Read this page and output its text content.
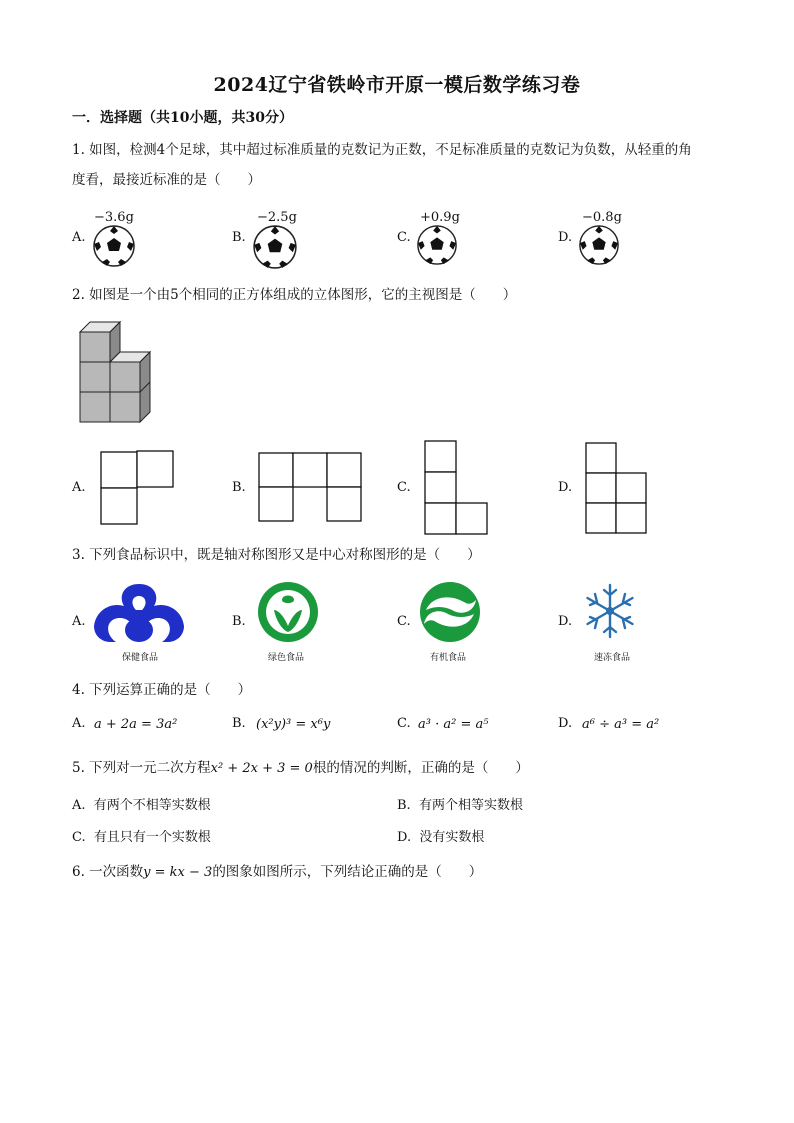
2024辽宁省铁岭市开原一模后数学练习卷
一．选择题（共10小题，共30分）
1. 如图，检测4个足球，其中超过标准质量的克数记为正数，不足标准质量的克数记为负数，从轻重的角
度看，最接近标准的是（　　）
A.
−3.6g
B.
−2.5g
C.
+0.9g
D.
−0.8g
2. 如图是一个由5个相同的正方体组成的立体图形，它的主视图是（　　）
A.	B.	C.	D.
3. 下列食品标识中，既是轴对称图形又是中心对称图形的是（　　）
A.
保健食品
B.
绿色食品
C.
有机食品
D.
速冻食品
4. 下列运算正确的是（　　）
A. a + 2a = 3a²	B. (x²y)³ = x⁶y	C. a³ · a² = a⁵	D. a⁶ ÷ a³ = a²
5. 下列对一元二次方程x² + 2x + 3 = 0根的情况的判断，正确的是（　　）
A. 有两个不相等实数根	B. 有两个相等实数根
C. 有且只有一个实数根	D. 没有实数根
6. 一次函数y = kx − 3的图象如图所示，下列结论正确的是（　　）
